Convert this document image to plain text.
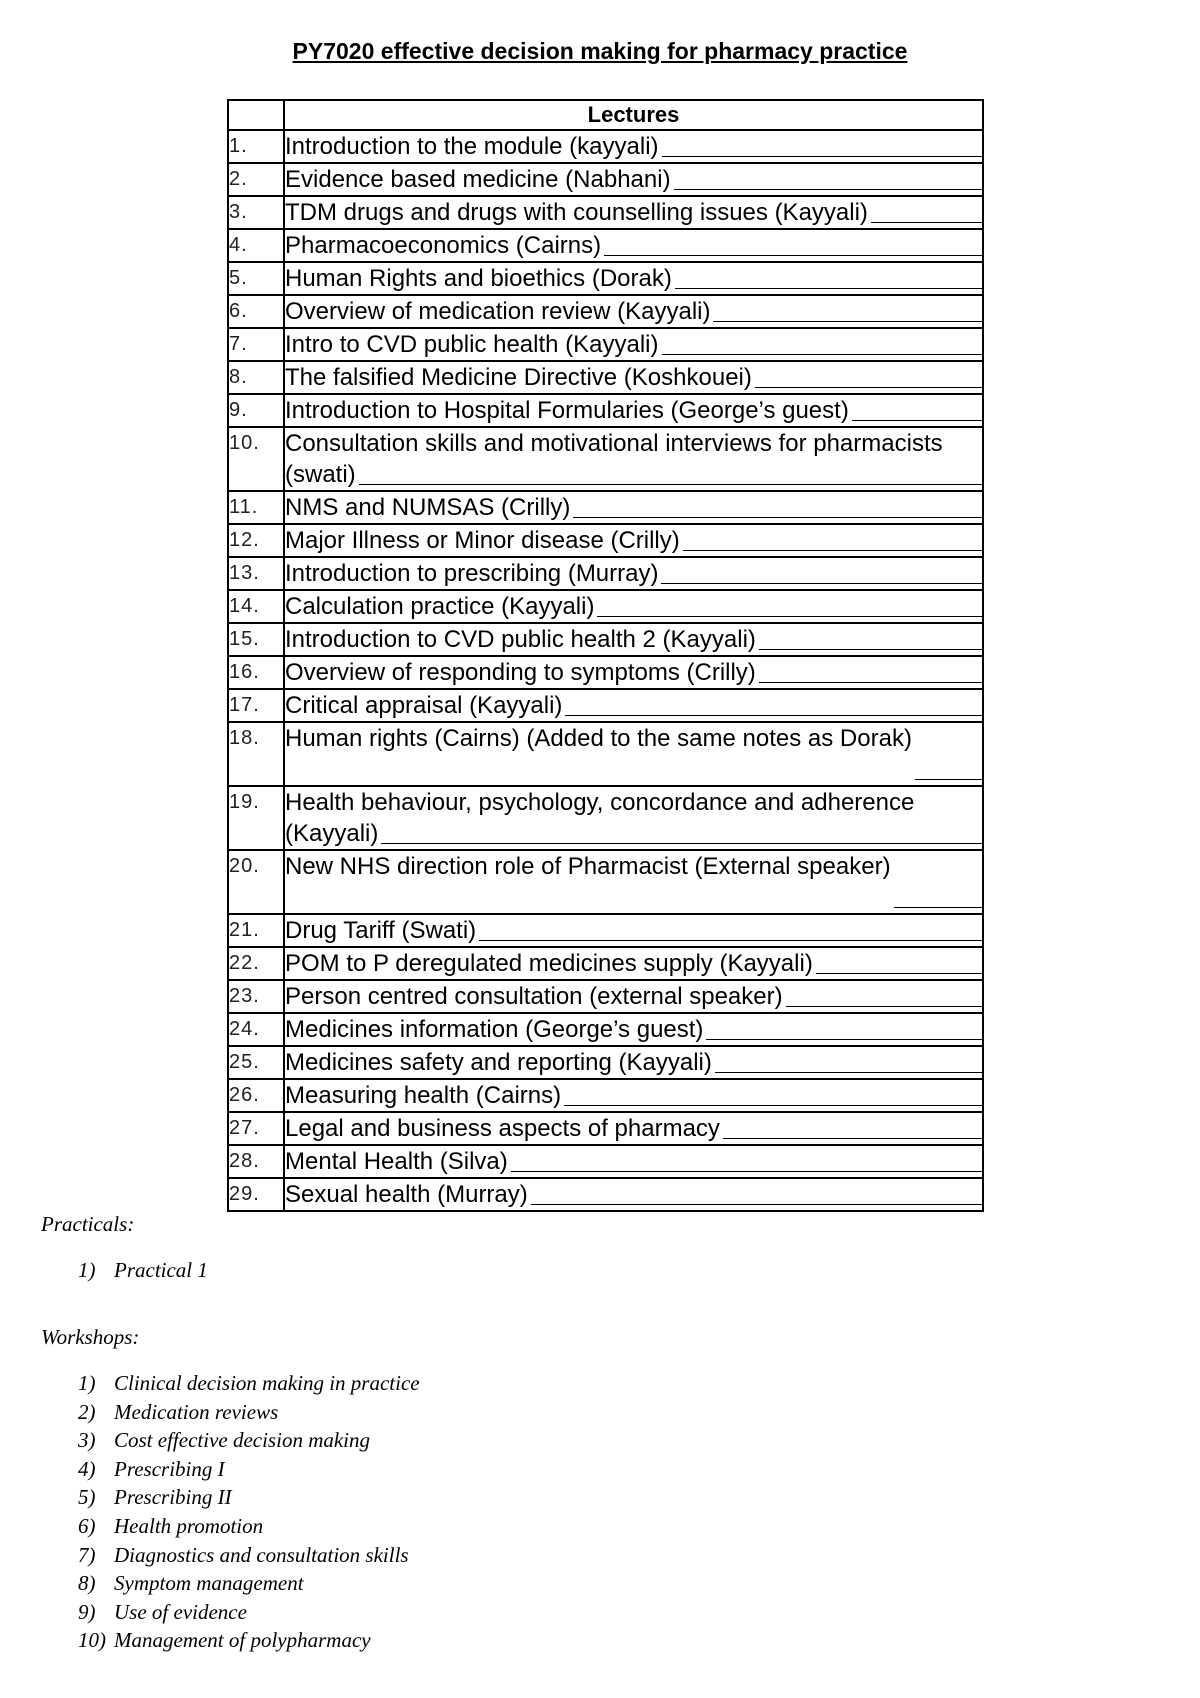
PY7020 effective decision making for pharmacy practice
	Lectures
1.	Introduction to the module (kayyali)

2.	Evidence based medicine (Nabhani)

3.	TDM drugs and drugs with counselling issues (Kayyali)

4.	Pharmacoeconomics (Cairns)

5.	Human Rights and bioethics (Dorak)

6.	Overview of medication review (Kayyali)

7.	Intro to CVD public health (Kayyali)

8.	The falsified Medicine Directive (Koshkouei)

9.	Introduction to Hospital Formularies (George’s guest)

10.	Consultation skills and motivational interviews for pharmacists (swati)

11.	NMS and NUMSAS (Crilly)

12.	Major Illness or Minor disease (Crilly)

13.	Introduction to prescribing (Murray)

14.	Calculation practice (Kayyali)

15.	Introduction to CVD public health 2 (Kayyali)

16.	Overview of responding to symptoms (Crilly)

17.	Critical appraisal (Kayyali)

18.	Human rights (Cairns) (Added to the same notes as Dorak)

19.	Health behaviour, psychology, concordance and adherence (Kayyali)

20.	New NHS direction role of Pharmacist (External speaker)

21.	Drug Tariff (Swati)

22.	POM to P deregulated medicines supply (Kayyali)

23.	Person centred consultation (external speaker)

24.	Medicines information (George’s guest)

25.	Medicines safety and reporting (Kayyali)

26.	Measuring health (Cairns)

27.	Legal and business aspects of pharmacy

28.	Mental Health (Silva)

29.	Sexual health (Murray)
Practicals:
1) Practical 1
Workshops:
1) Clinical decision making in practice
2) Medication reviews
3) Cost effective decision making
4) Prescribing I
5) Prescribing II
6) Health promotion
7) Diagnostics and consultation skills
8) Symptom management
9) Use of evidence
10) Management of polypharmacy
